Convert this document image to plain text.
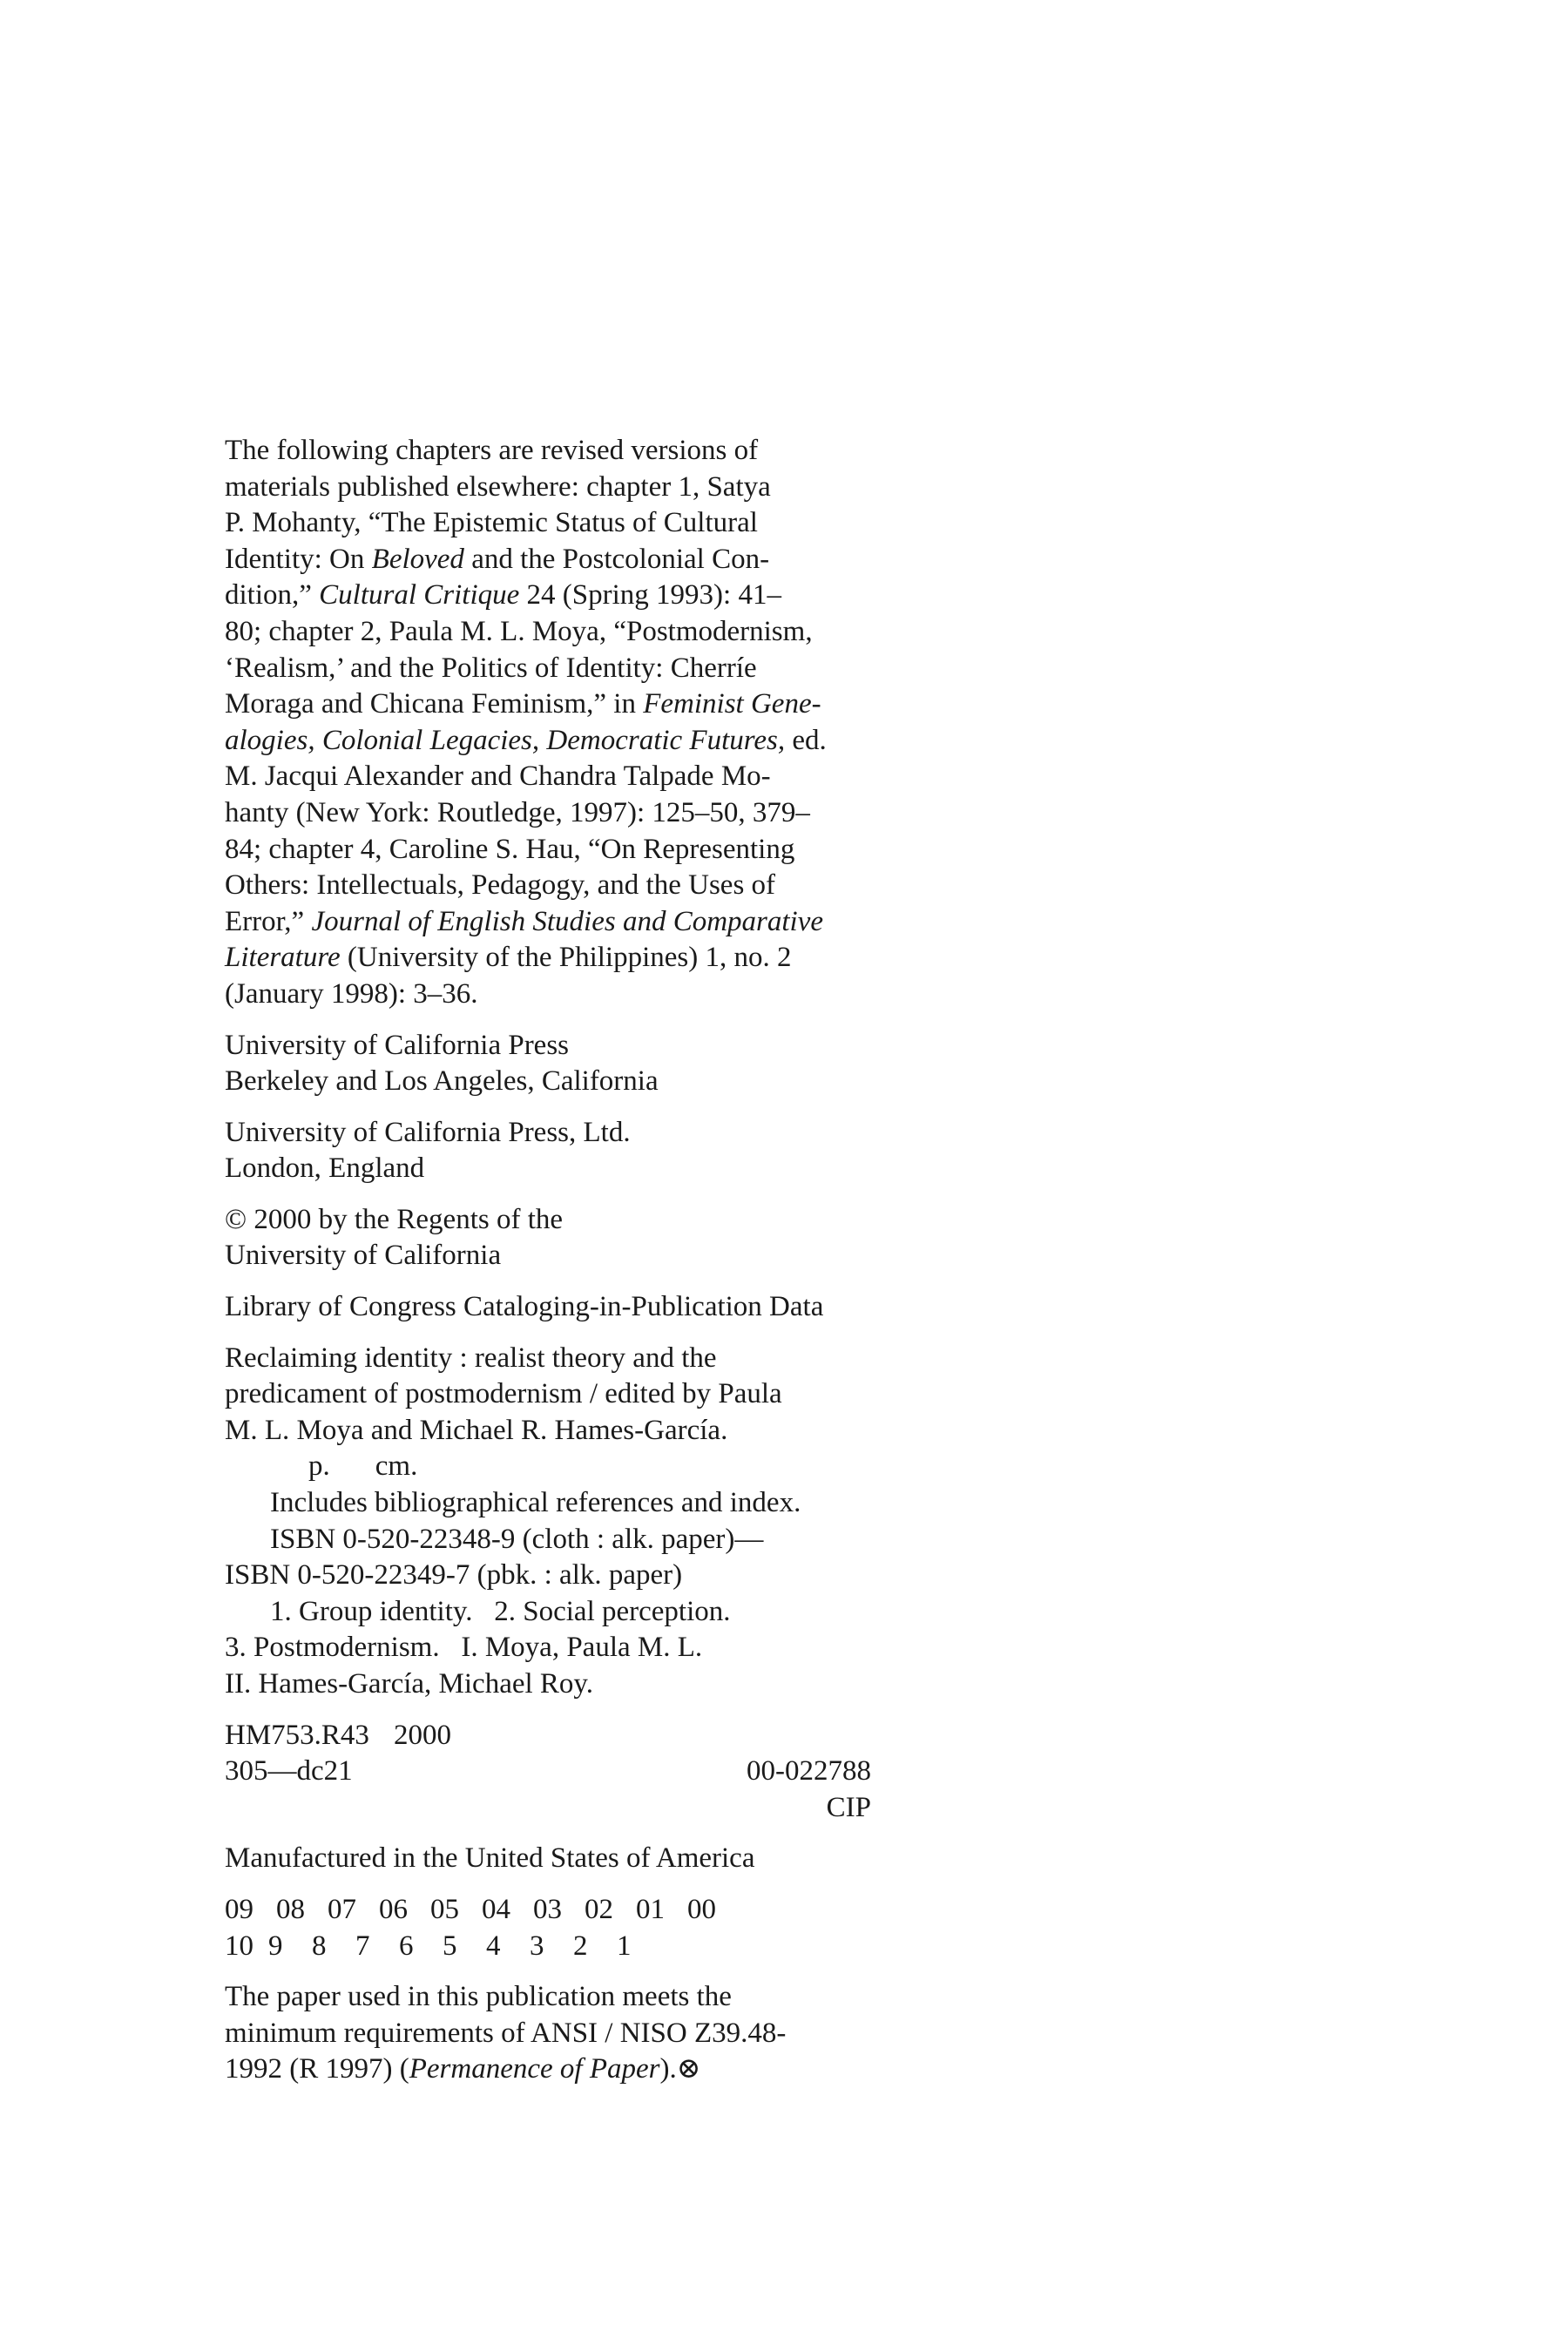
The following chapters are revised versions of
materials published elsewhere: chapter 1, Satya
P. Mohanty, “The Epistemic Status of Cultural
Identity: On Beloved and the Postcolonial Con-
dition,” Cultural Critique 24 (Spring 1993): 41–
80; chapter 2, Paula M. L. Moya, “Postmodernism,
‘Realism,’ and the Politics of Identity: Cherríe
Moraga and Chicana Feminism,” in Feminist Gene-
alogies, Colonial Legacies, Democratic Futures, ed.
M. Jacqui Alexander and Chandra Talpade Mo-
hanty (New York: Routledge, 1997): 125–50, 379–
84; chapter 4, Caroline S. Hau, “On Representing
Others: Intellectuals, Pedagogy, and the Uses of
Error,” Journal of English Studies and Comparative
Literature (University of the Philippines) 1, no. 2
(January 1998): 3–36.
University of California Press
Berkeley and Los Angeles, California
University of California Press, Ltd.
London, England
© 2000 by the Regents of the
University of California
Library of Congress Cataloging-in-Publication Data
Reclaiming identity : realist theory and the
predicament of postmodernism / edited by Paula
M. L. Moya and Michael R. Hames-García.
p. cm.
Includes bibliographical references and index.
ISBN 0-520-22348-9 (cloth : alk. paper)—
ISBN 0-520-22349-7 (pbk. : alk. paper)
1. Group identity.   2. Social perception.
3. Postmodernism.   I. Moya, Paula M. L.
II. Hames-García, Michael Roy.
HM753.R43 2000
305—dc21	00-022788
CIP
Manufactured in the United States of America
09 08 07 06 05 04 03 02 01 00
10 9 8 7 6 5 4 3 2 1
The paper used in this publication meets the
minimum requirements of ANSI / NISO Z39.48-
1992 (R 1997) (Permanence of Paper).⊗
